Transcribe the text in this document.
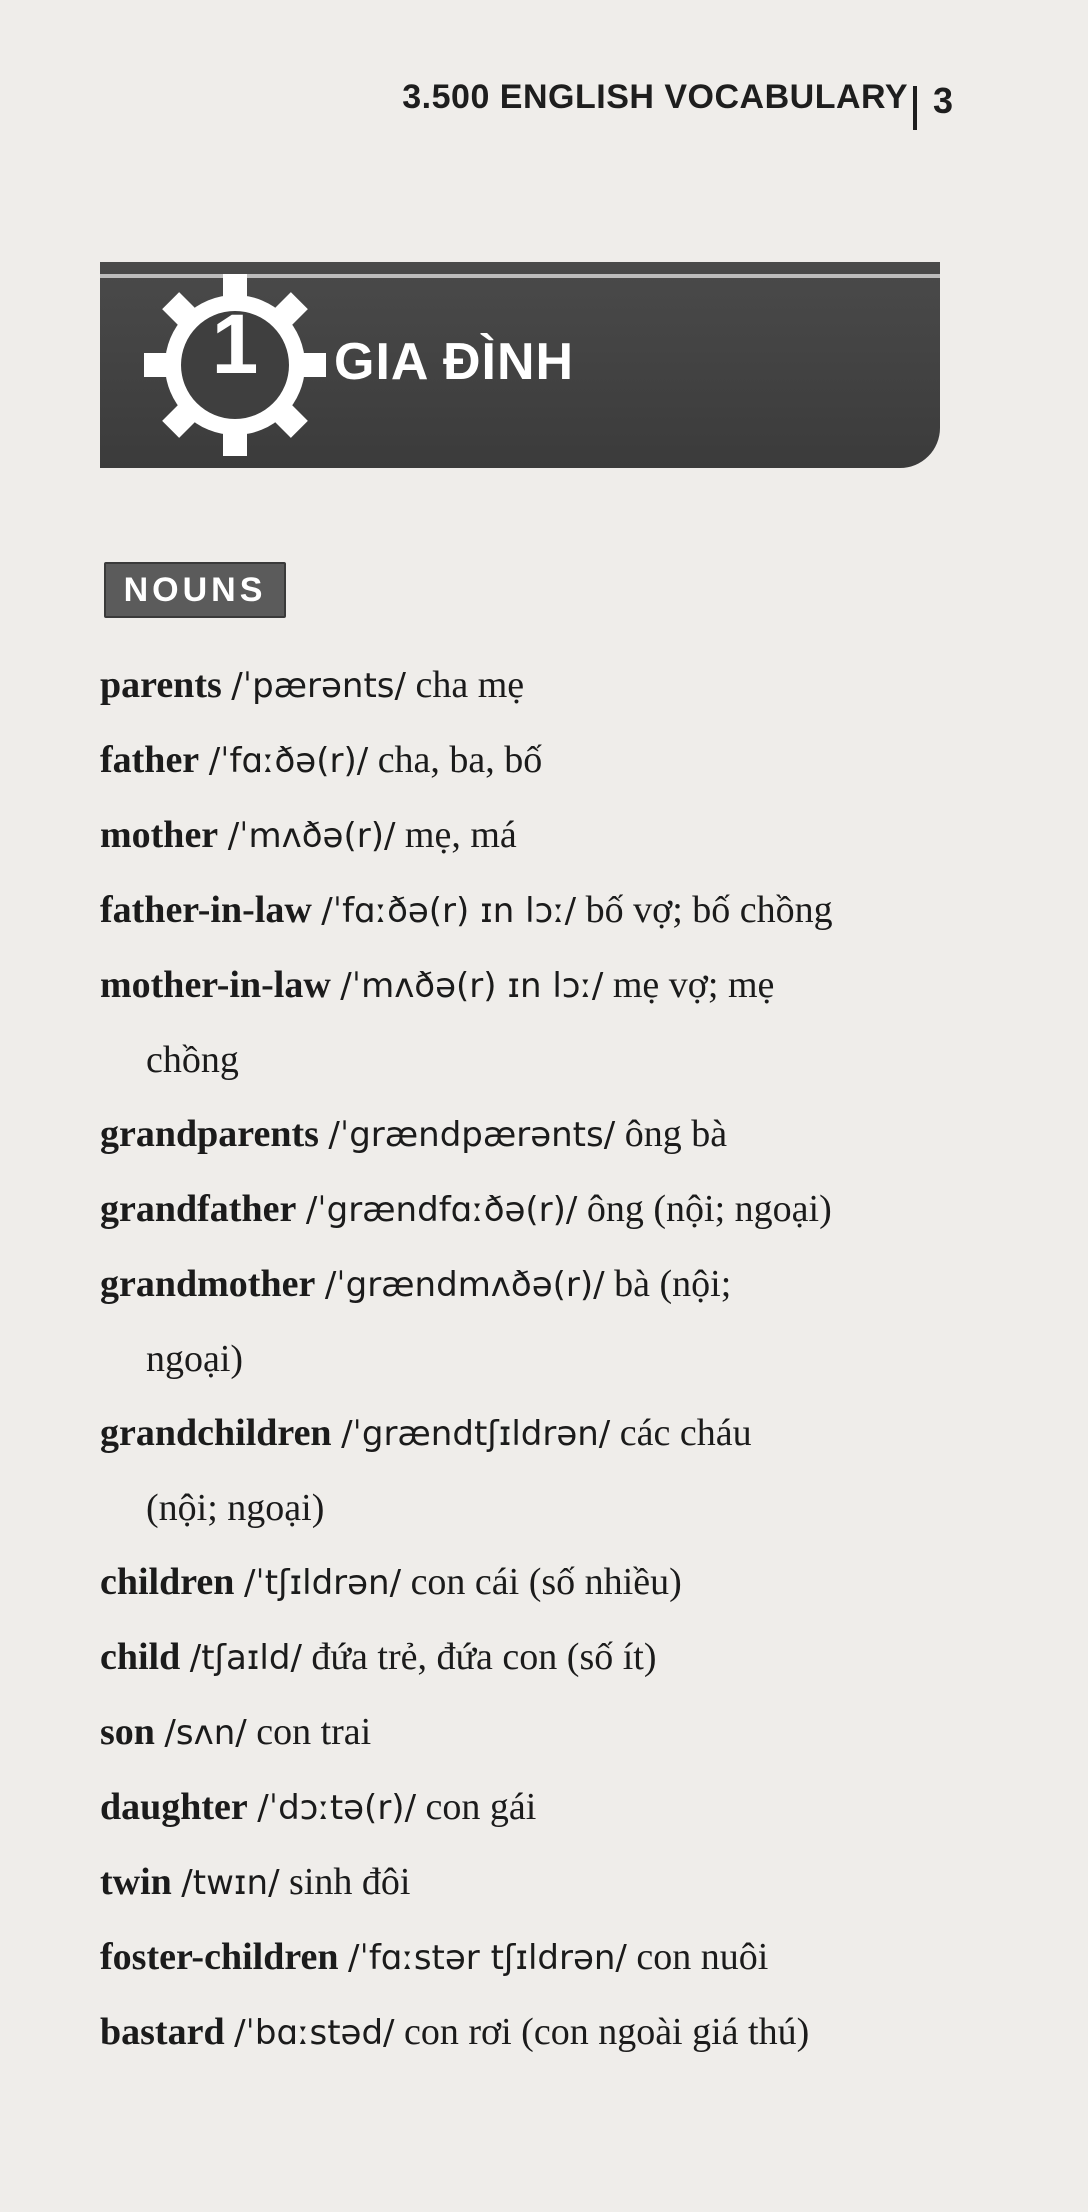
3.500 ENGLISH VOCABULARY 3
1	GIA ĐÌNH
NOUNS
parents /ˈpærənts/ cha mẹ
father /ˈfɑːðə(r)/ cha, ba, bố
mother /ˈmʌðə(r)/ mẹ, má
father-in-law /ˈfɑːðə(r) ɪn lɔː/ bố vợ; bố chồng
mother-in-law /ˈmʌðə(r) ɪn lɔː/ mẹ vợ; mẹ
chồng
grandparents /ˈgrændpærənts/ ông bà
grandfather /ˈgrændfɑːðə(r)/ ông (nội; ngoại)
grandmother /ˈgrændmʌðə(r)/ bà (nội;
ngoại)
grandchildren /ˈgrændtʃɪldrən/ các cháu
(nội; ngoại)
children /ˈtʃɪldrən/ con cái (số nhiều)
child /tʃaɪld/ đứa trẻ, đứa con (số ít)
son /sʌn/ con trai
daughter /ˈdɔːtə(r)/ con gái
twin /twɪn/ sinh đôi
foster-children /ˈfɑːstər tʃɪldrən/ con nuôi
bastard /ˈbɑːstəd/ con rơi (con ngoài giá thú)
